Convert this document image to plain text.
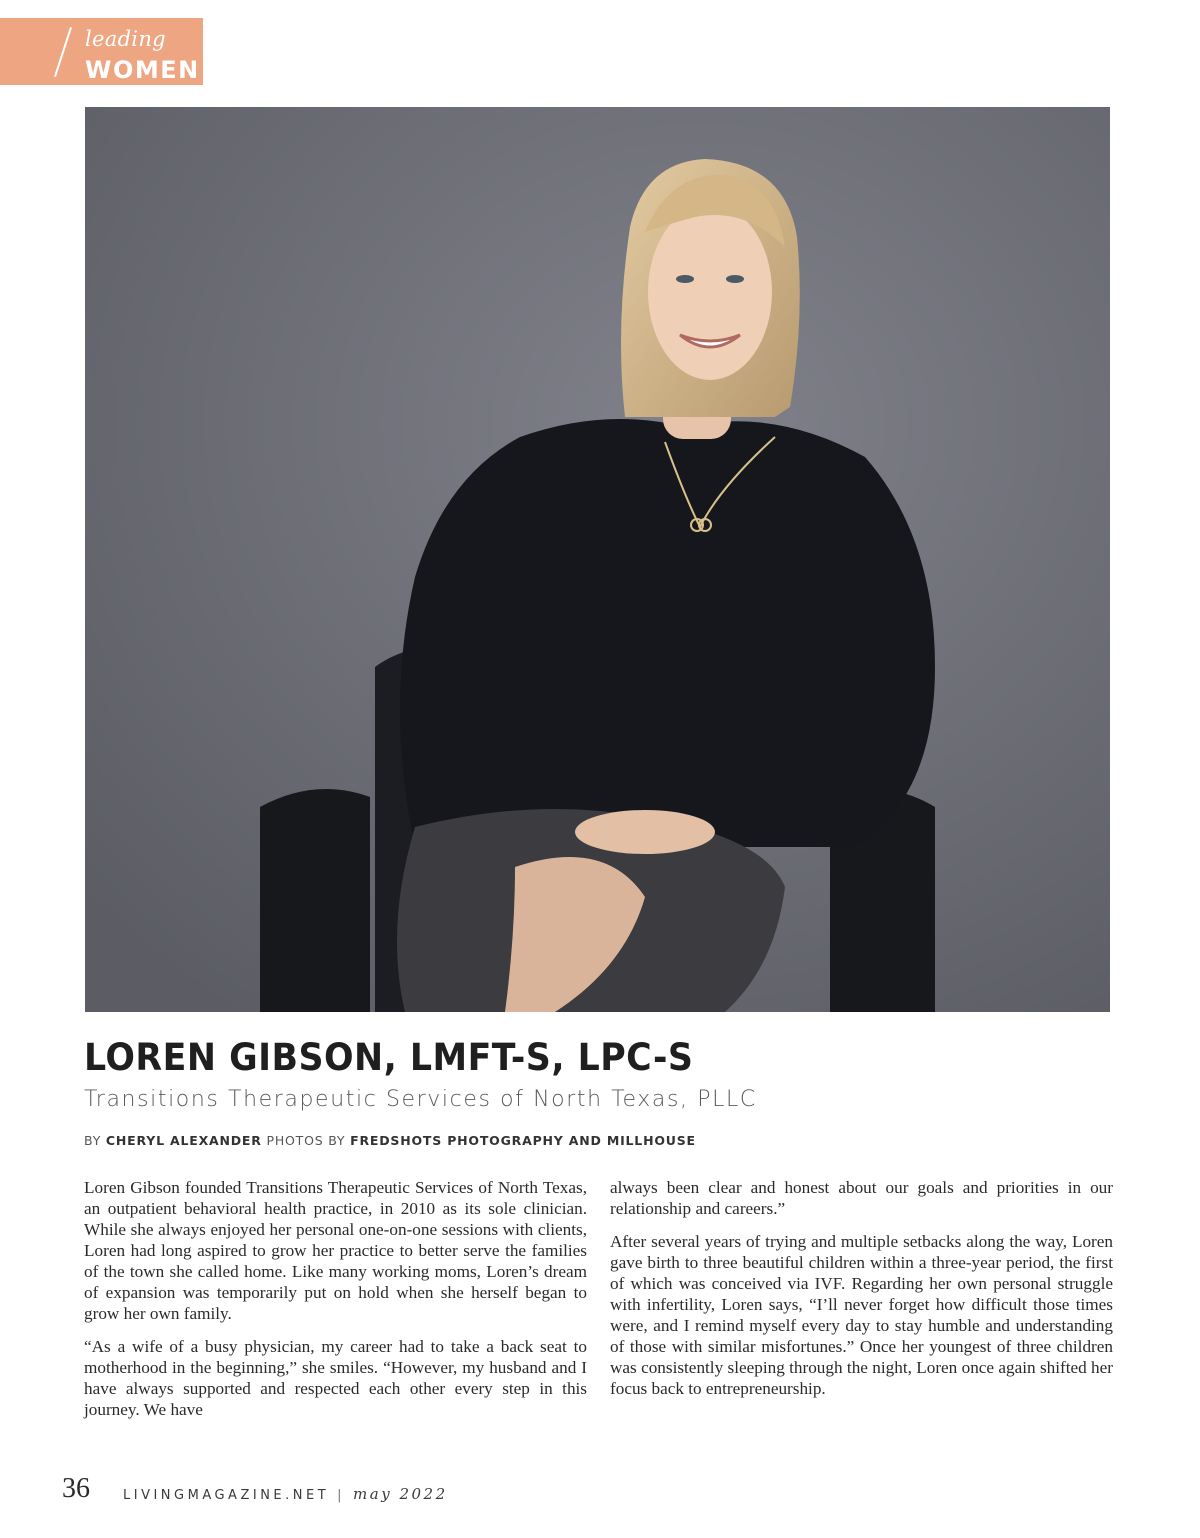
leading
WOMEN
LOREN GIBSON, LMFT-S, LPC-S
Transitions Therapeutic Services of North Texas, PLLC
BY CHERYL ALEXANDER PHOTOS BY FREDSHOTS PHOTOGRAPHY AND MILLHOUSE

Loren Gibson founded Transitions Therapeutic Services of North Texas, an outpatient behavioral health practice, in 2010 as its sole clinician. While she always enjoyed her personal one-on-one sessions with clients, Loren had long aspired to grow her practice to better serve the families of the town she called home. Like many working moms, Loren’s dream of expansion was temporarily put on hold when she herself began to grow her own family.

“As a wife of a busy physician, my career had to take a back seat to motherhood in the beginning,” she smiles. “However, my husband and I have always supported and respected each other every step in this journey. We have

always been clear and honest about our goals and priorities in our relationship and careers.”

After several years of trying and multiple setbacks along the way, Loren gave birth to three beautiful children within a three-year period, the first of which was conceived via IVF. Regarding her own personal struggle with infertility, Loren says, “I’ll never forget how difficult those times were, and I remind myself every day to stay humble and understanding of those with similar misfortunes.” Once her youngest of three children was consistently sleeping through the night, Loren once again shifted her focus back to entrepreneurship.

36	LIVINGMAGAZINE.NET | may 2022
